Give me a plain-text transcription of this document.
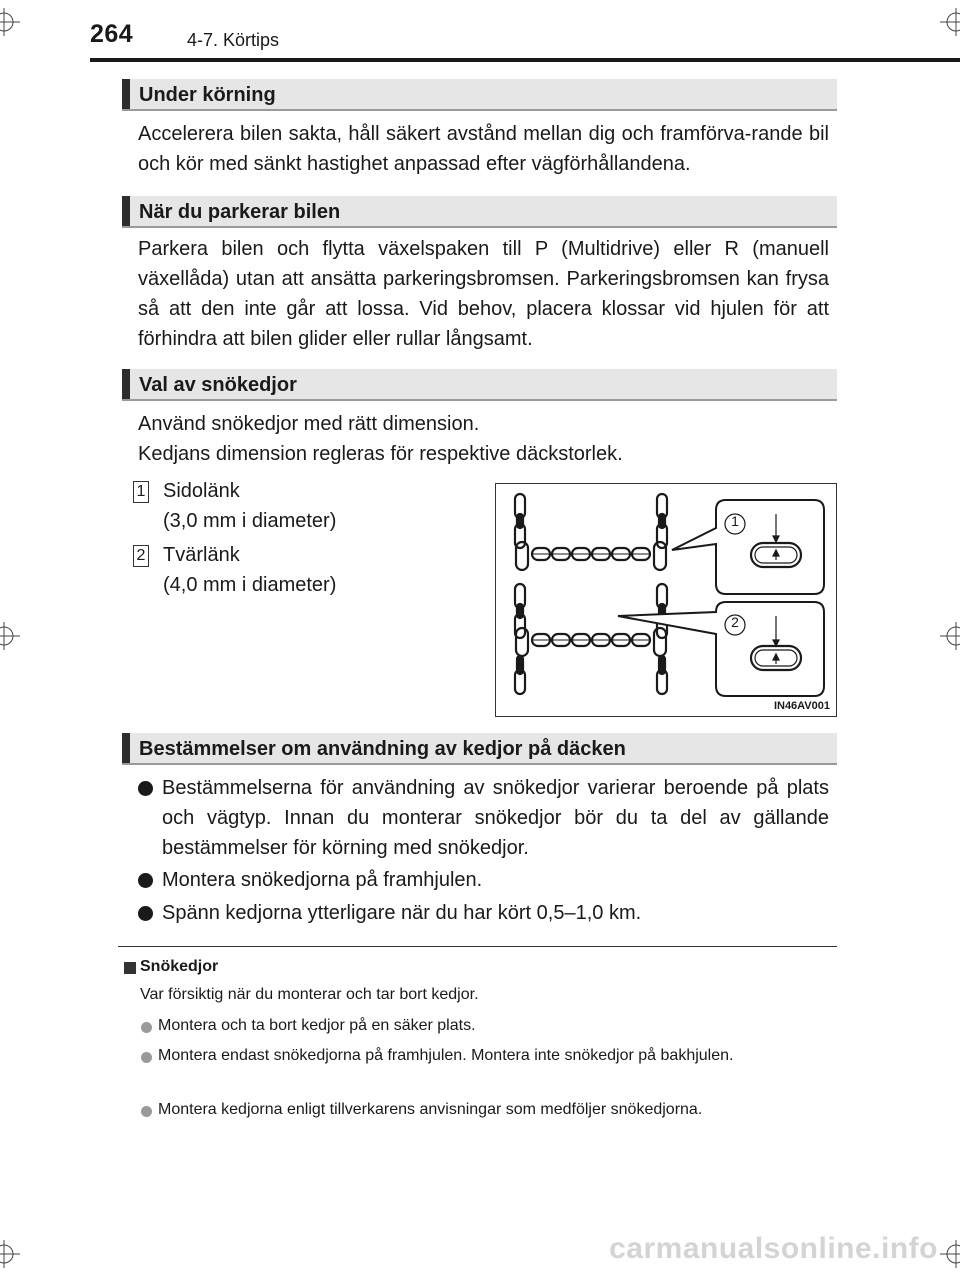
264	4-7. Körtips
Under körning
Accelerera bilen sakta, håll säkert avstånd mellan dig och framförva-rande bil och kör med sänkt hastighet anpassad efter vägförhållandena.
När du parkerar bilen
Parkera bilen och flytta växelspaken till P (Multidrive) eller R (manuell växellåda) utan att ansätta parkeringsbromsen. Parkeringsbromsen kan frysa så att den inte går att lossa. Vid behov, placera klossar vid hjulen för att förhindra att bilen glider eller rullar långsamt.
Val av snökedjor
Använd snökedjor med rätt dimension.
Kedjans dimension regleras för respektive däckstorlek.
1 Sidolänk
(3,0 mm i diameter)
2 Tvärlänk
(4,0 mm i diameter)
1
2
IN46AV001
Bestämmelser om användning av kedjor på däcken
Bestämmelserna för användning av snökedjor varierar beroende på plats och vägtyp. Innan du monterar snökedjor bör du ta del av gällande bestämmelser för körning med snökedjor.
Montera snökedjorna på framhjulen.
Spänn kedjorna ytterligare när du har kört 0,5–1,0 km.
Snökedjor
Var försiktig när du monterar och tar bort kedjor.
Montera och ta bort kedjor på en säker plats.
Montera endast snökedjorna på framhjulen. Montera inte snökedjor på bakhjulen.
Montera kedjorna enligt tillverkarens anvisningar som medföljer snökedjorna.
carmanualsonline.info
